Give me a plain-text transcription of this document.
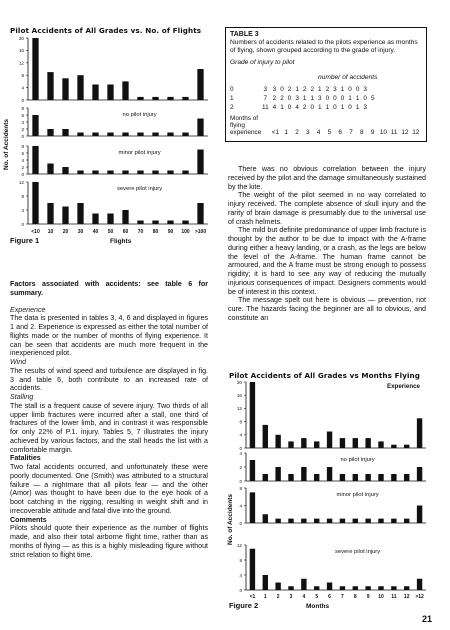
Pilot Accidents of All Grades vs. No. of Flights
No. of Accidents
0
4
8
12
16
20
0
2
4
6
8
no pilot injury
0
2
4
6
8
minor pilot injury
0
4
8
12
severe pilot injury
<10 10 20 30 40 50 60 70 80 90 100 >100
No. of Accidents
0
4
8
12
16
20
0
2
4
no pilot injury
0
4
8
minor pilot injury
0
4
8
12
severe pilot injury
Experience
<1 1 2 3 4 5 6 7 8 9 10 11 12 >12
Figure 1	Flights
TABLE 3
Numbers of accidents related to the pilots experience as months of flying, shown grouped according to the grade of injury.
Grade of injury to pilot
number of accidents
0	3	3	0	2	1	2	2	1	2	3	1	0	0	3	
1	7	2	2	0	3	1	1	3	0	0	0	1	1	0	5
2	11	4	1	0	4	2	0	1	1	0	1	0	1	3	
Months of flying experience <1 1 2 3 4 5 6 7 8 9 10 11 12 12

Factors associated with accidents: see table 6 for summary.

Experience

The data is presented in tables 3, 4, 6 and displayed in figures 1 and 2. Experience is expressed as either the total number of flights made or the number of months of flying experience. It can be seen that accidents are much more frequent in the inexperienced pilot.

Wind

The results of wind speed and turbulence are displayed in fig. 3 and table 6, both contribute to an increased rate of accidents.

Stalling

The stall is a frequent cause of severe injury. Two thirds of all upper limb fractures were incurred after a stall, one third of fractures of the lower limb, and in contrast it was responsible for only 22% of P.1. injury. Tables 5, 7 illustrates the injury achieved by various factors, and the stall heads the list with a comfortable margin.

Fatalities

Two fatal accidents occurred, and unfortunately these were poorly documented. One (Smith) was attributed to a structural failure — a nightmare that all pilots fear — and the other (Amor) was thought to have been due to the eye hook of a boot catching in the rigging, resulting in weight shift and in irrecoverable attitude and fatal dive into the ground.

Comments

Pilots should quote their experience as the number of flights made, and also their total airborne flight time, rather than as months of flying — as this is a highly misleading figure without strict relation to flight time.

There was no obvious correlation between the injury received by the pilot and the damage simultaneously sustained by the kite.

The weight of the pilot seemed in no way correlated to injury received. The complete absence of skull injury and the rarity of brain damage is presumably due to the universal use of crash helmets.

The mild but definite predominance of upper limb fracture is thought by the author to be due to impact with the A-frame during either a heavy landing, or a crash, as the legs are below the level of the A-frame. The human frame cannot be armoured, and the A frame must be strong enough to possess rigidity; it is hard to see any way of reducing the mutually injurious consequences of impact. Designers comments would be of interest in this context.

The message spelt out here is obvious — prevention, not cure. The hazards facing the beginner are all to obvious, and constitute an

Pilot Accidents of All Grades vs Months Flying
Figure 2	Months
21
